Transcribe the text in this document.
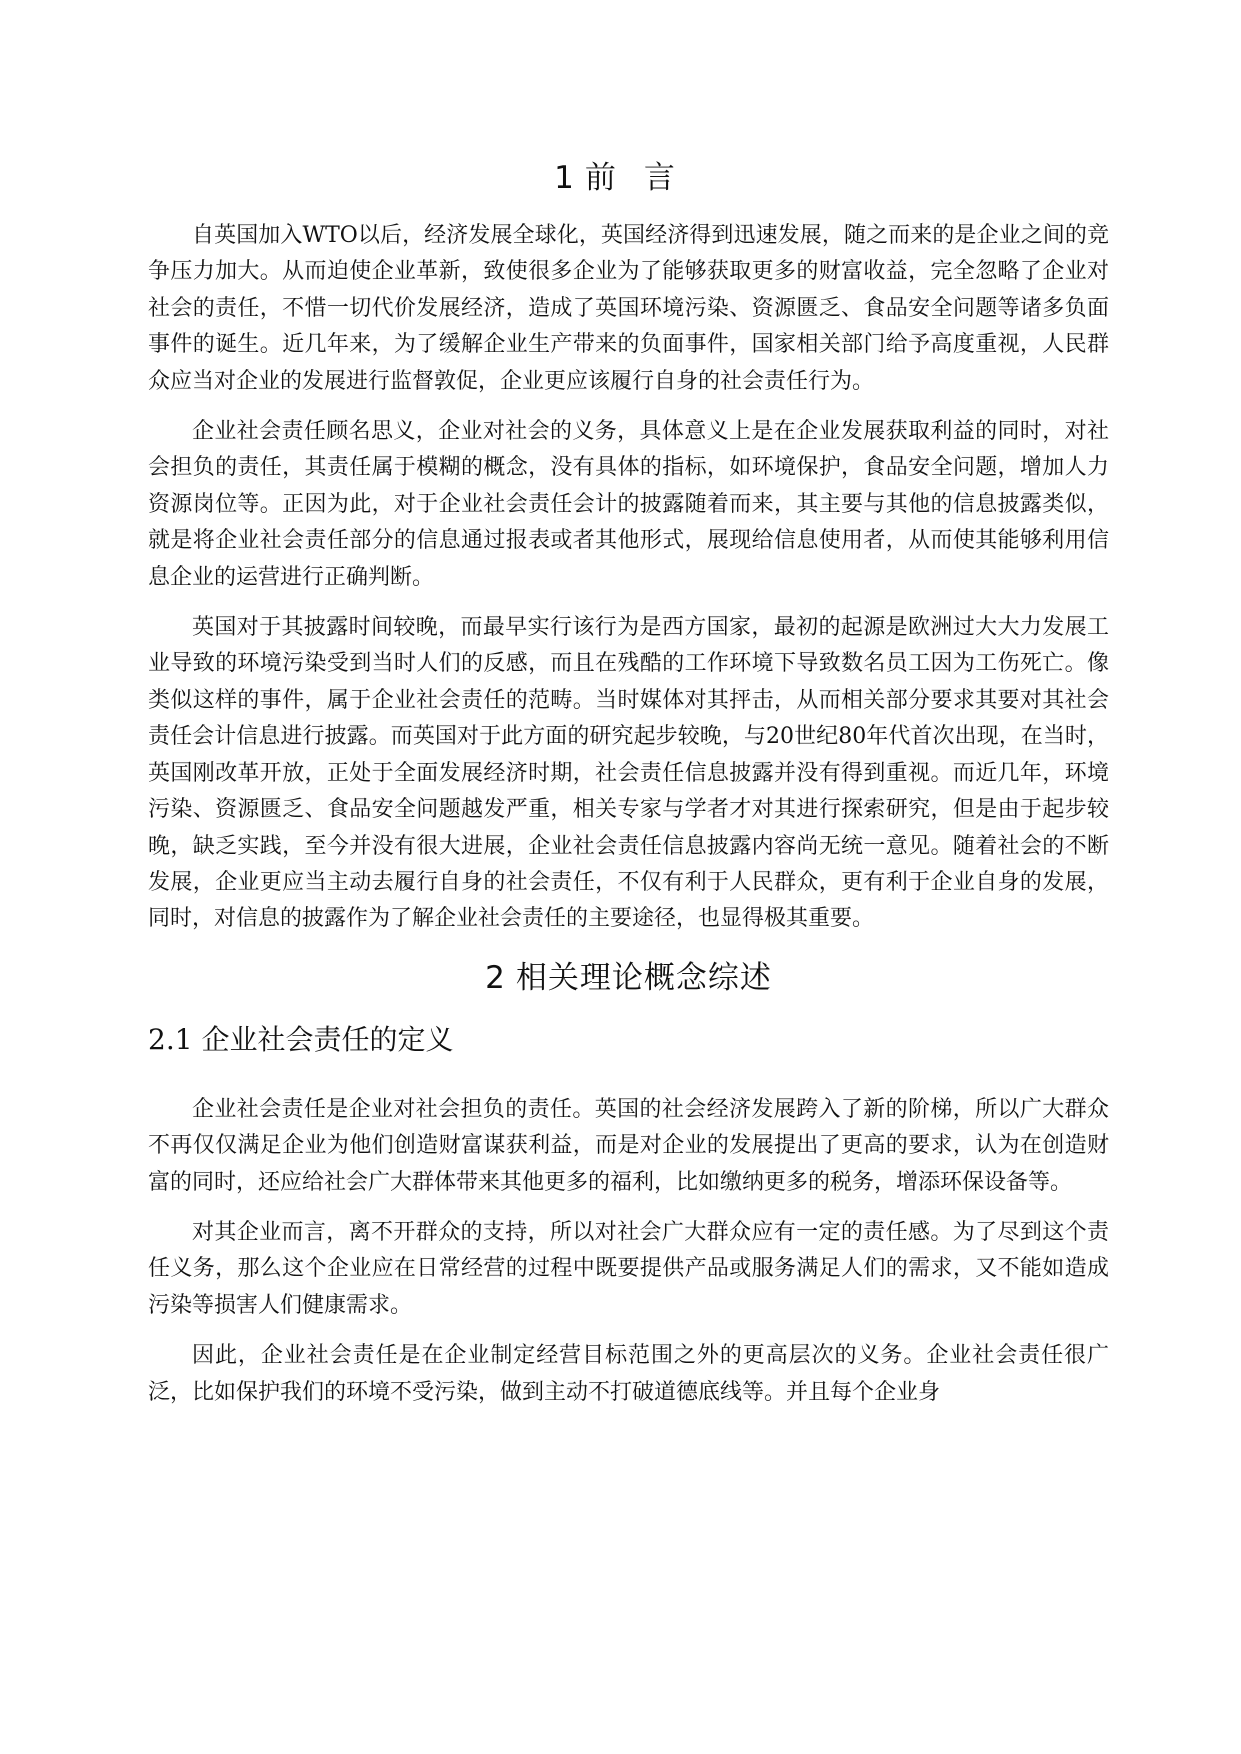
1 前言

自英国加入WTO以后，经济发展全球化，英国经济得到迅速发展，随之而来的是企业之间的竞争压力加大。从而迫使企业革新，致使很多企业为了能够获取更多的财富收益，完全忽略了企业对社会的责任，不惜一切代价发展经济，造成了英国环境污染、资源匮乏、食品安全问题等诸多负面事件的诞生。近几年来，为了缓解企业生产带来的负面事件，国家相关部门给予高度重视，人民群众应当对企业的发展进行监督敦促，企业更应该履行自身的社会责任行为。

企业社会责任顾名思义，企业对社会的义务，具体意义上是在企业发展获取利益的同时，对社会担负的责任，其责任属于模糊的概念，没有具体的指标，如环境保护，食品安全问题，增加人力资源岗位等。正因为此，对于企业社会责任会计的披露随着而来，其主要与其他的信息披露类似，就是将企业社会责任部分的信息通过报表或者其他形式，展现给信息使用者，从而使其能够利用信息企业的运营进行正确判断。

英国对于其披露时间较晚，而最早实行该行为是西方国家，最初的起源是欧洲过大大力发展工业导致的环境污染受到当时人们的反感，而且在残酷的工作环境下导致数名员工因为工伤死亡。像类似这样的事件，属于企业社会责任的范畴。当时媒体对其抨击，从而相关部分要求其要对其社会责任会计信息进行披露。而英国对于此方面的研究起步较晚，与20世纪80年代首次出现，在当时，英国刚改革开放，正处于全面发展经济时期，社会责任信息披露并没有得到重视。而近几年，环境污染、资源匮乏、食品安全问题越发严重，相关专家与学者才对其进行探索研究，但是由于起步较晚，缺乏实践，至今并没有很大进展，企业社会责任信息披露内容尚无统一意见。随着社会的不断发展，企业更应当主动去履行自身的社会责任，不仅有利于人民群众，更有利于企业自身的发展，同时，对信息的披露作为了解企业社会责任的主要途径，也显得极其重要。

2 相关理论概念综述
2.1 企业社会责任的定义

企业社会责任是企业对社会担负的责任。英国的社会经济发展跨入了新的阶梯，所以广大群众不再仅仅满足企业为他们创造财富谋获利益，而是对企业的发展提出了更高的要求，认为在创造财富的同时，还应给社会广大群体带来其他更多的福利，比如缴纳更多的税务，增添环保设备等。

对其企业而言，离不开群众的支持，所以对社会广大群众应有一定的责任感。为了尽到这个责任义务，那么这个企业应在日常经营的过程中既要提供产品或服务满足人们的需求，又不能如造成污染等损害人们健康需求。

因此，企业社会责任是在企业制定经营目标范围之外的更高层次的义务。企业社会责任很广泛，比如保护我们的环境不受污染，做到主动不打破道德底线等。并且每个企业身
